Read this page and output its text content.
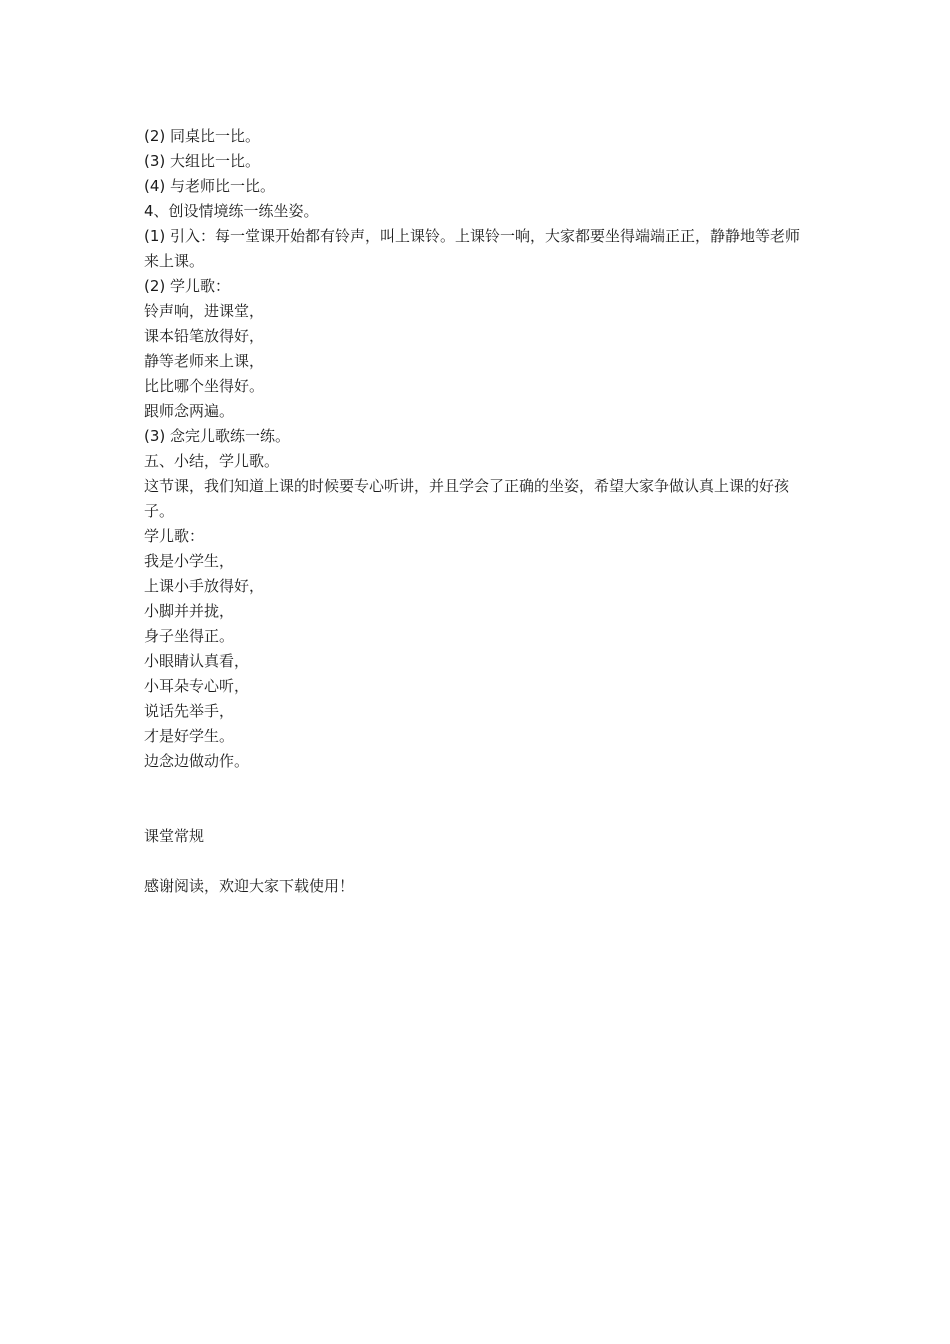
(2) 同桌比一比。
(3) 大组比一比。
(4) 与老师比一比。
4、创设情境练一练坐姿。
(1) 引入：每一堂课开始都有铃声，叫上课铃。上课铃一响，大家都要坐得端端正正，静静地等老师来上课。
(2) 学儿歌：
铃声响，进课堂，
课本铅笔放得好，
静等老师来上课，
比比哪个坐得好。
跟师念两遍。
(3) 念完儿歌练一练。
五、小结，学儿歌。
这节课，我们知道上课的时候要专心听讲，并且学会了正确的坐姿，希望大家争做认真上课的好孩子。
学儿歌：
我是小学生，
上课小手放得好，
小脚并并拢，
身子坐得正。
小眼睛认真看，
小耳朵专心听，
说话先举手，
才是好学生。
边念边做动作。
课堂常规
感谢阅读，欢迎大家下载使用！
